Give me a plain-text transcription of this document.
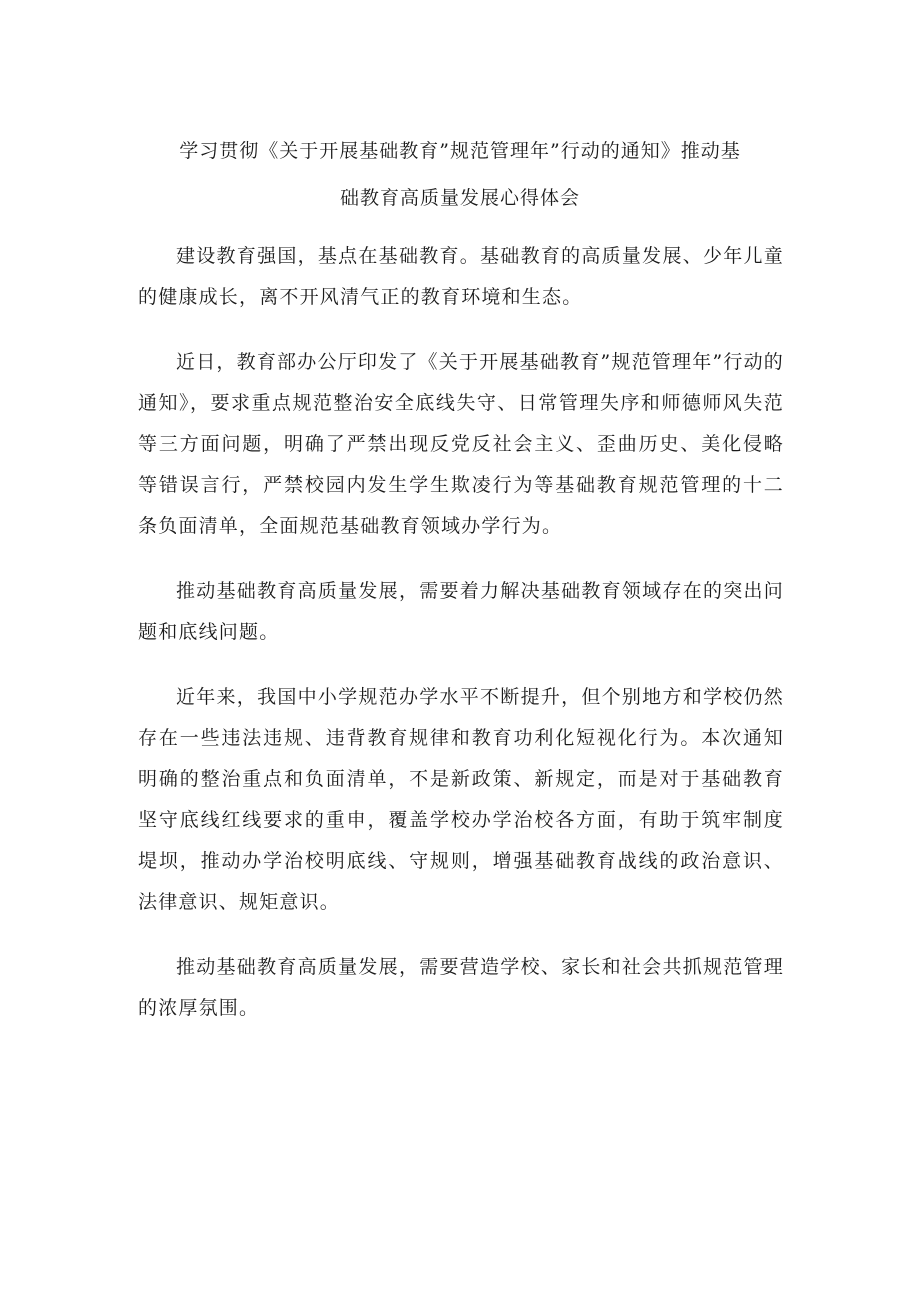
学习贯彻《关于开展基础教育”规范管理年”行动的通知》推动基
础教育高质量发展心得体会

建设教育强国，基点在基础教育。基础教育的高质量发展、少年儿童的健康成长，离不开风清气正的教育环境和生态。

近日，教育部办公厅印发了《关于开展基础教育”规范管理年”行动的通知》，要求重点规范整治安全底线失守、日常管理失序和师德师风失范等三方面问题，明确了严禁出现反党反社会主义、歪曲历史、美化侵略等错误言行，严禁校园内发生学生欺凌行为等基础教育规范管理的十二条负面清单，全面规范基础教育领域办学行为。

推动基础教育高质量发展，需要着力解决基础教育领域存在的突出问题和底线问题。

近年来，我国中小学规范办学水平不断提升，但个别地方和学校仍然存在一些违法违规、违背教育规律和教育功利化短视化行为。本次通知明确的整治重点和负面清单，不是新政策、新规定，而是对于基础教育坚守底线红线要求的重申，覆盖学校办学治校各方面，有助于筑牢制度堤坝，推动办学治校明底线、守规则，增强基础教育战线的政治意识、法律意识、规矩意识。

推动基础教育高质量发展，需要营造学校、家长和社会共抓规范管理的浓厚氛围。
